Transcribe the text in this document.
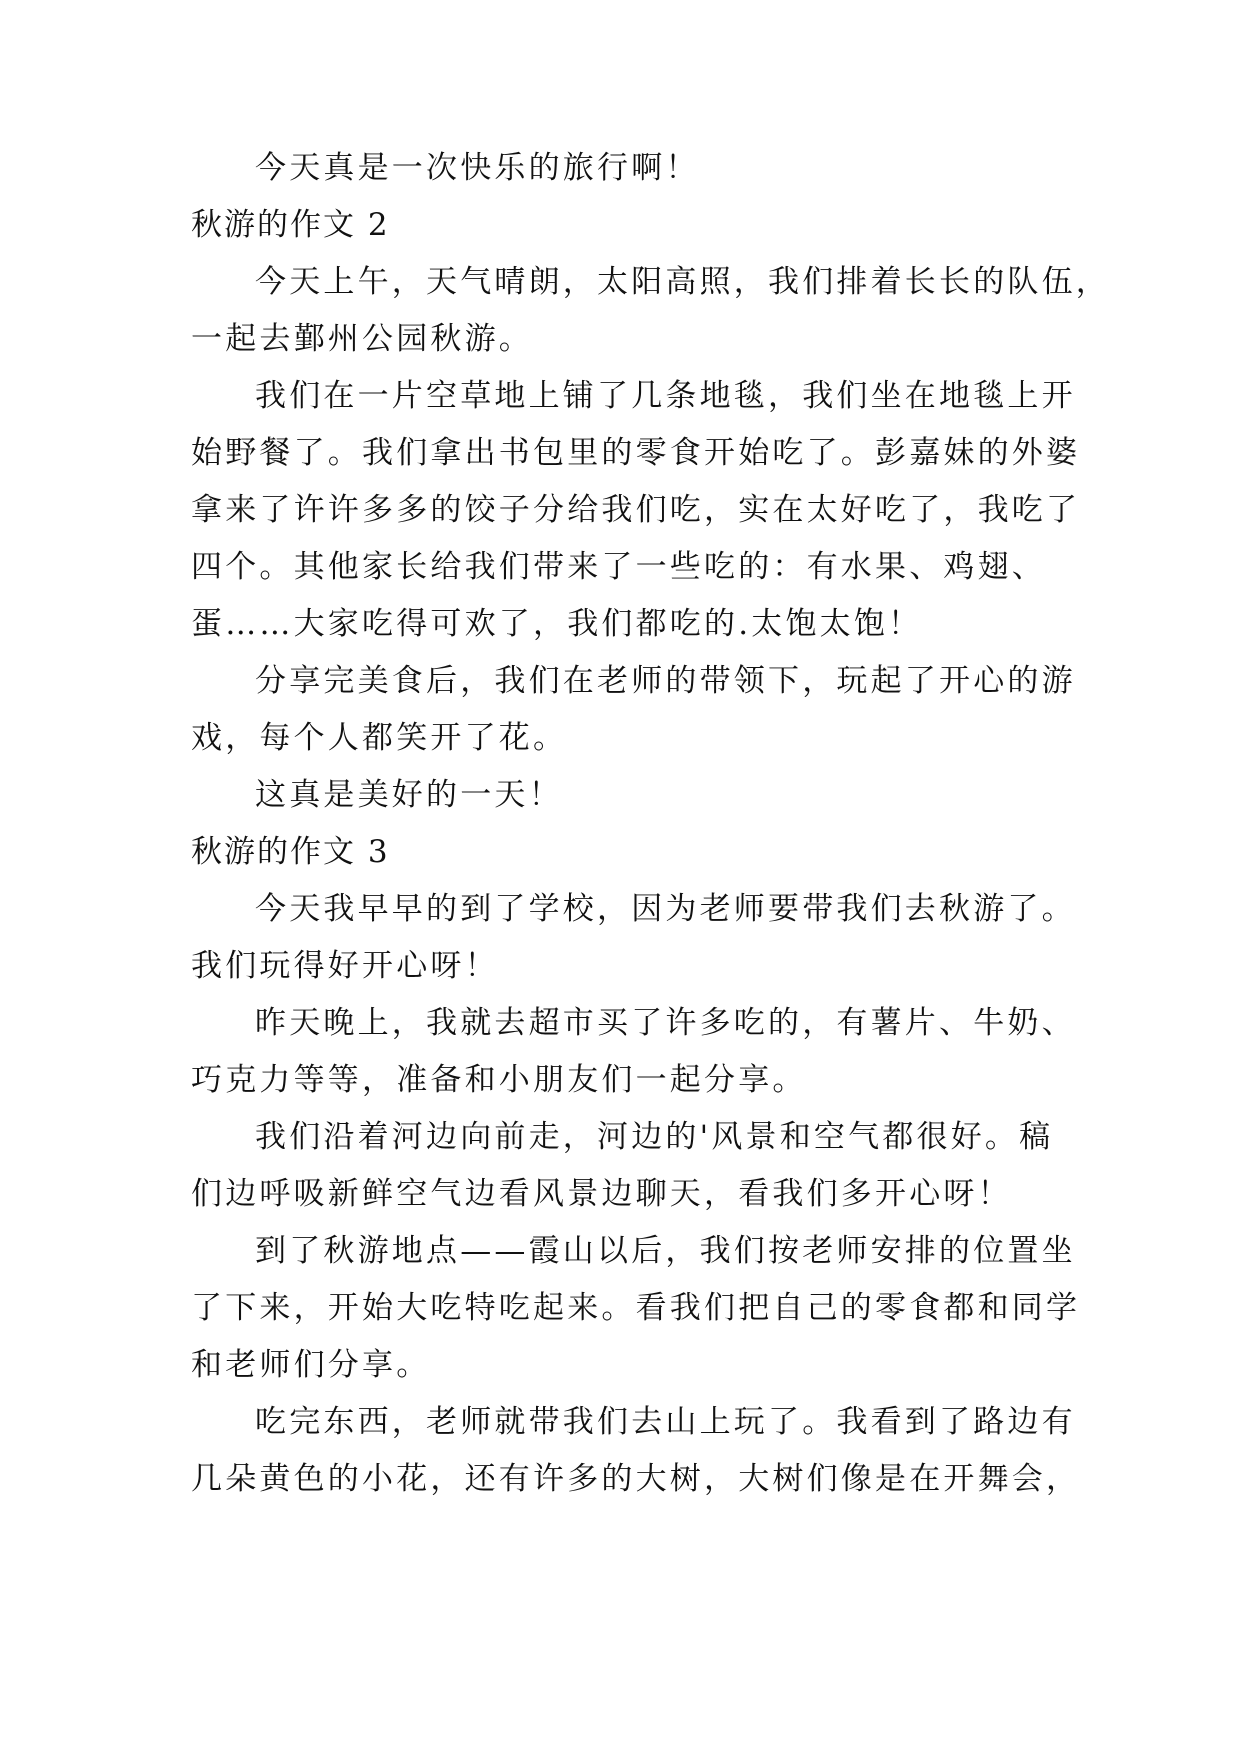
今天真是一次快乐的旅行啊！
秋游的作文 2
今天上午，天气晴朗，太阳高照，我们排着长长的队伍，
一起去鄞州公园秋游。
我们在一片空草地上铺了几条地毯，我们坐在地毯上开
始野餐了。我们拿出书包里的零食开始吃了。彭嘉妹的外婆
拿来了许许多多的饺子分给我们吃，实在太好吃了，我吃了
四个。其他家长给我们带来了一些吃的：有水果、鸡翅、
蛋……大家吃得可欢了，我们都吃的.太饱太饱！
分享完美食后，我们在老师的带领下，玩起了开心的游
戏，每个人都笑开了花。
这真是美好的一天！
秋游的作文 3
今天我早早的到了学校，因为老师要带我们去秋游了。
我们玩得好开心呀！
昨天晚上，我就去超市买了许多吃的，有薯片、牛奶、
巧克力等等，准备和小朋友们一起分享。
我们沿着河边向前走，河边的'风景和空气都很好。稿
们边呼吸新鲜空气边看风景边聊天，看我们多开心呀！
到了秋游地点——霞山以后，我们按老师安排的位置坐
了下来，开始大吃特吃起来。看我们把自己的零食都和同学
和老师们分享。
吃完东西，老师就带我们去山上玩了。我看到了路边有
几朵黄色的小花，还有许多的大树，大树们像是在开舞会，
